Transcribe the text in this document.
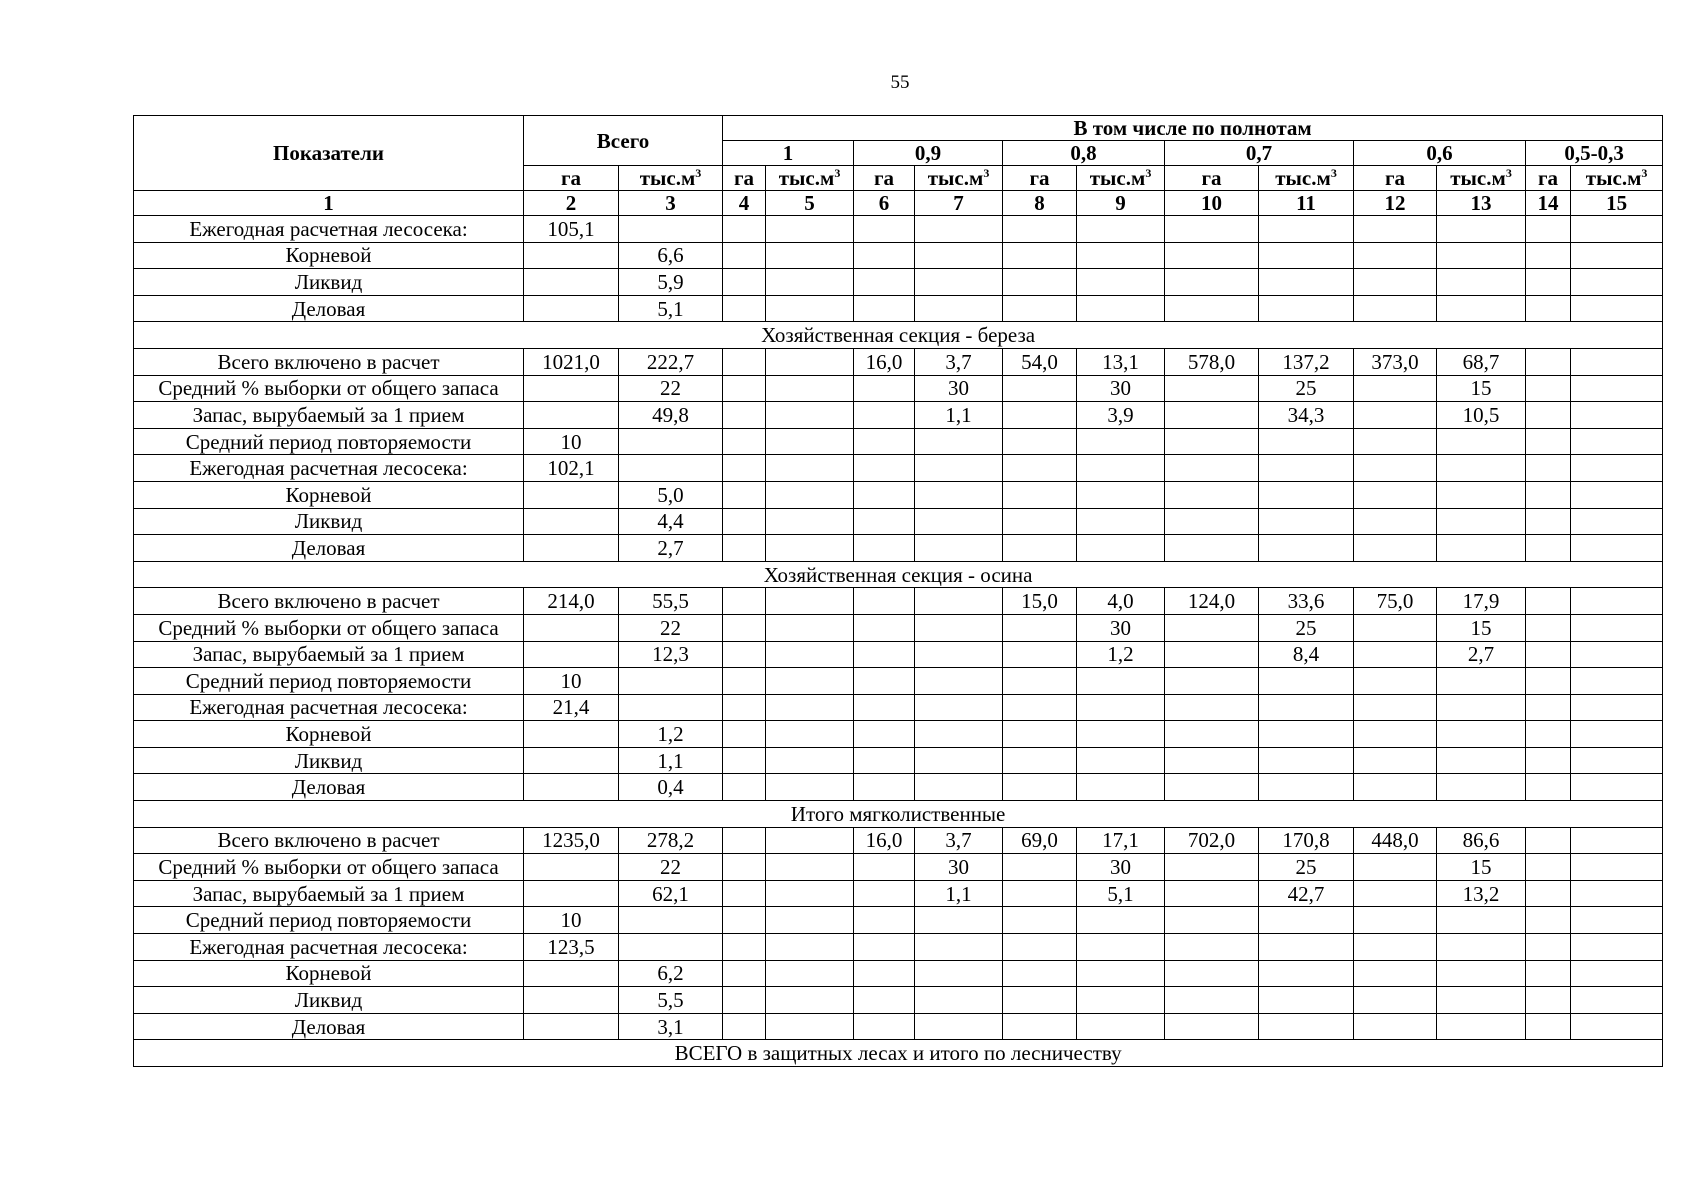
55
Показатели	Всего		В том числе по полнотам											
			1		0,9		0,8		0,7		0,6		0,5-0,3	
	га	$тыс.м^3$	га	$тыс.м^3$	га	$тыс.м^3$	га	$тыс.м^3$	га	$тыс.м^3$	га	$тыс.м^3$	га	$тыс.м^3$
1	2	3	4	5	6	7	8	9	10	11	12	13	14	15
Ежегодная расчетная лесосека:	105,1													
Корневой		6,6												
Ликвид		5,9												
Деловая		5,1												
Хозяйственная секция - береза														
Всего включено в расчет	1021,0	222,7			16,0	3,7	54,0	13,1	578,0	137,2	373,0	68,7		
Средний % выборки от общего запаса		22				30		30		25		15		
Запас, вырубаемый за 1 прием		49,8				1,1		3,9		34,3		10,5		
Средний период повторяемости	10													
Ежегодная расчетная лесосека:	102,1													
Корневой		5,0												
Ликвид		4,4												
Деловая		2,7												
Хозяйственная секция - осина														
Всего включено в расчет	214,0	55,5					15,0	4,0	124,0	33,6	75,0	17,9		
Средний % выборки от общего запаса		22						30		25		15		
Запас, вырубаемый за 1 прием		12,3						1,2		8,4		2,7		
Средний период повторяемости	10													
Ежегодная расчетная лесосека:	21,4													
Корневой		1,2												
Ликвид		1,1												
Деловая		0,4												
Итого мягколиственные														
Всего включено в расчет	1235,0	278,2			16,0	3,7	69,0	17,1	702,0	170,8	448,0	86,6		
Средний % выборки от общего запаса		22				30		30		25		15		
Запас, вырубаемый за 1 прием		62,1				1,1		5,1		42,7		13,2		
Средний период повторяемости	10													
Ежегодная расчетная лесосека:	123,5													
Корневой		6,2												
Ликвид		5,5												
Деловая		3,1												
ВСЕГО в защитных лесах и итого по лесничеству														
